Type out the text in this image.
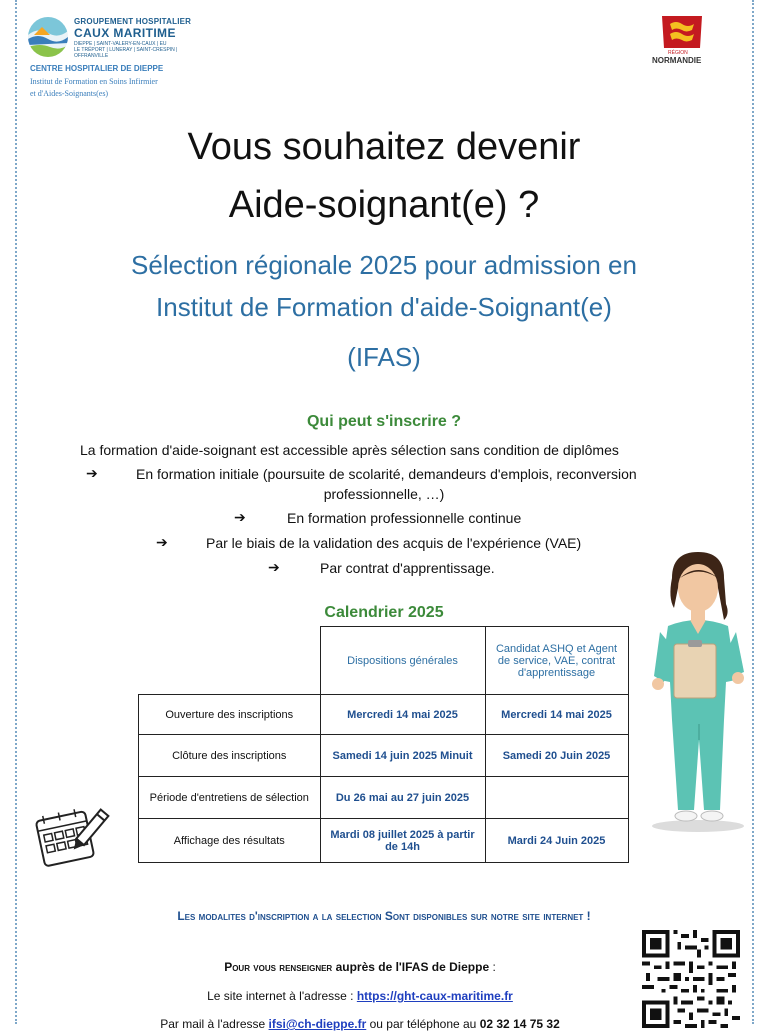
GROUPEMENT HOSPITALIER
CAUX MARITIME
DIEPPE | SAINT-VALERY-EN-CAUX | EU
LE TRÉPORT | LUNERAY | SAINT-CRESPIN | OFFRANVILLE
CENTRE HOSPITALIER DE DIEPPE
Institut de Formation en Soins Infirmier
et d'Aides-Soignants(es)
RÉGION
NORMANDIE
Vous souhaitez devenir
Aide-soignant(e) ?
Sélection régionale 2025 pour admission en
Institut de Formation d'aide-Soignant(e)
(IFAS)
Qui peut s'inscrire ?
La formation d'aide-soignant est accessible après sélection sans condition de diplômes
➔	En formation initiale (poursuite de scolarité, demandeurs d'emplois, reconversion
professionnelle, …)
➔	En formation professionnelle continue
➔	Par le biais de la validation des acquis de l'expérience (VAE)
➔	Par contrat d'apprentissage.
Calendrier 2025
	Dispositions générales	Candidat ASHQ et Agent de service, VAE, contrat d'apprentissage
Ouverture des inscriptions	Mercredi 14 mai 2025	Mercredi 14 mai 2025
Clôture des inscriptions	Samedi 14 juin 2025 Minuit	Samedi 20 Juin 2025
Période d'entretiens de sélection	Du 26 mai au 27 juin 2025	
Affichage des résultats	Mardi 08 juillet 2025 à partir de 14h	Mardi 24 Juin 2025
Les modalites d'inscription a la selection Sont disponibles sur notre site internet !
Pour vous renseigner auprès de l'IFAS de Dieppe :
Le site internet à l'adresse : https://ght-caux-maritime.fr
Par mail à l'adresse ifsi@ch-dieppe.fr ou par téléphone au 02 32 14 75 32
